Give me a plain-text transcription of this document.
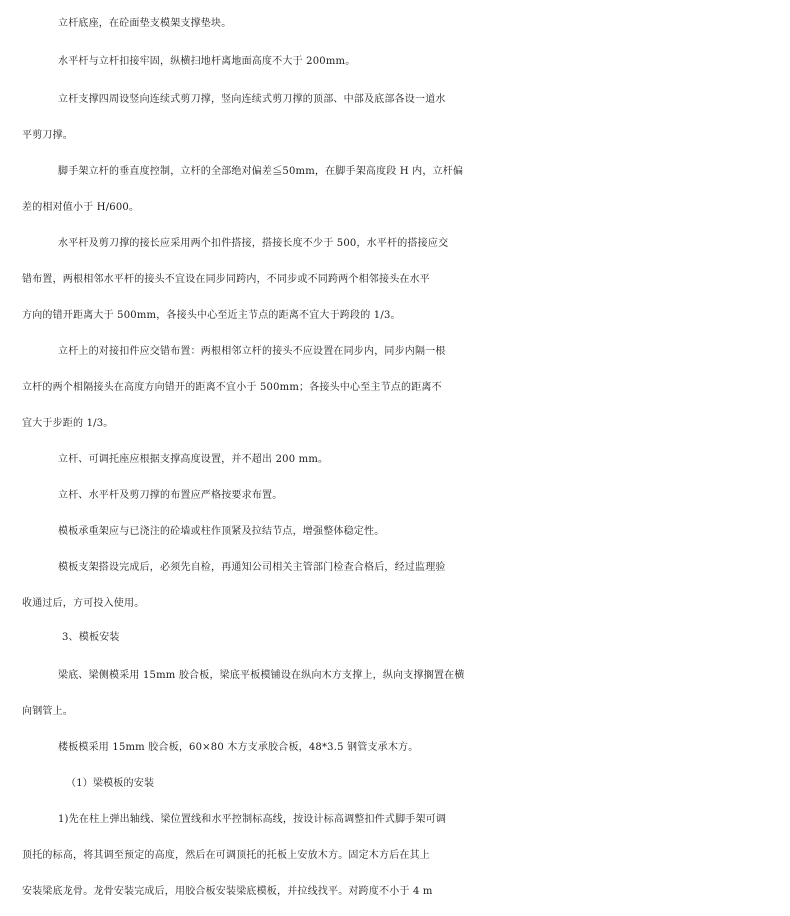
立杆底座，在砼面垫支模架支撑垫块。
水平杆与立杆扣接牢固，纵横扫地杆离地面高度不大于 200mm。
立杆支撑四周设竖向连续式剪刀撑，竖向连续式剪刀撑的顶部、中部及底部各设一道水
平剪刀撑。
脚手架立杆的垂直度控制，立杆的全部绝对偏差≦50mm，在脚手架高度段 H 内，立杆偏
差的相对值小于 H/600。
水平杆及剪刀撑的接长应采用两个扣件搭接，搭接长度不少于 500，水平杆的搭接应交
错布置，两根相邻水平杆的接头不宜设在同步同跨内，不同步或不同跨两个相邻接头在水平
方向的错开距离大于 500mm，各接头中心至近主节点的距离不宜大于跨段的 1/3。
立杆上的对接扣件应交错布置：两根相邻立杆的接头不应设置在同步内，同步内隔一根
立杆的两个相隔接头在高度方向错开的距离不宜小于 500mm；各接头中心至主节点的距离不
宜大于步距的 1/3。
立杆、可调托座应根据支撑高度设置，并不超出 200 mm。
立杆、水平杆及剪刀撑的布置应严格按要求布置。
模板承重架应与已浇注的砼墙或柱作顶紧及拉结节点，增强整体稳定性。
模板支架搭设完成后，必须先自检，再通知公司相关主管部门检查合格后，经过监理验
收通过后，方可投入使用。
3、模板安装
梁底、梁侧模采用 15mm 胶合板，梁底平板模铺设在纵向木方支撑上，纵向支撑搁置在横
向钢管上。
楼板模采用 15mm 胶合板，60×80 木方支承胶合板，48*3.5 钢管支承木方。
（1）梁模板的安装
1)先在柱上弹出轴线、梁位置线和水平控制标高线，按设计标高调整扣件式脚手架可调
顶托的标高，将其调至预定的高度，然后在可调顶托的托板上安放木方。固定木方后在其上
安装梁底龙骨。龙骨安装完成后，用胶合板安装梁底模板，并拉线找平。对跨度不小于 4 m
